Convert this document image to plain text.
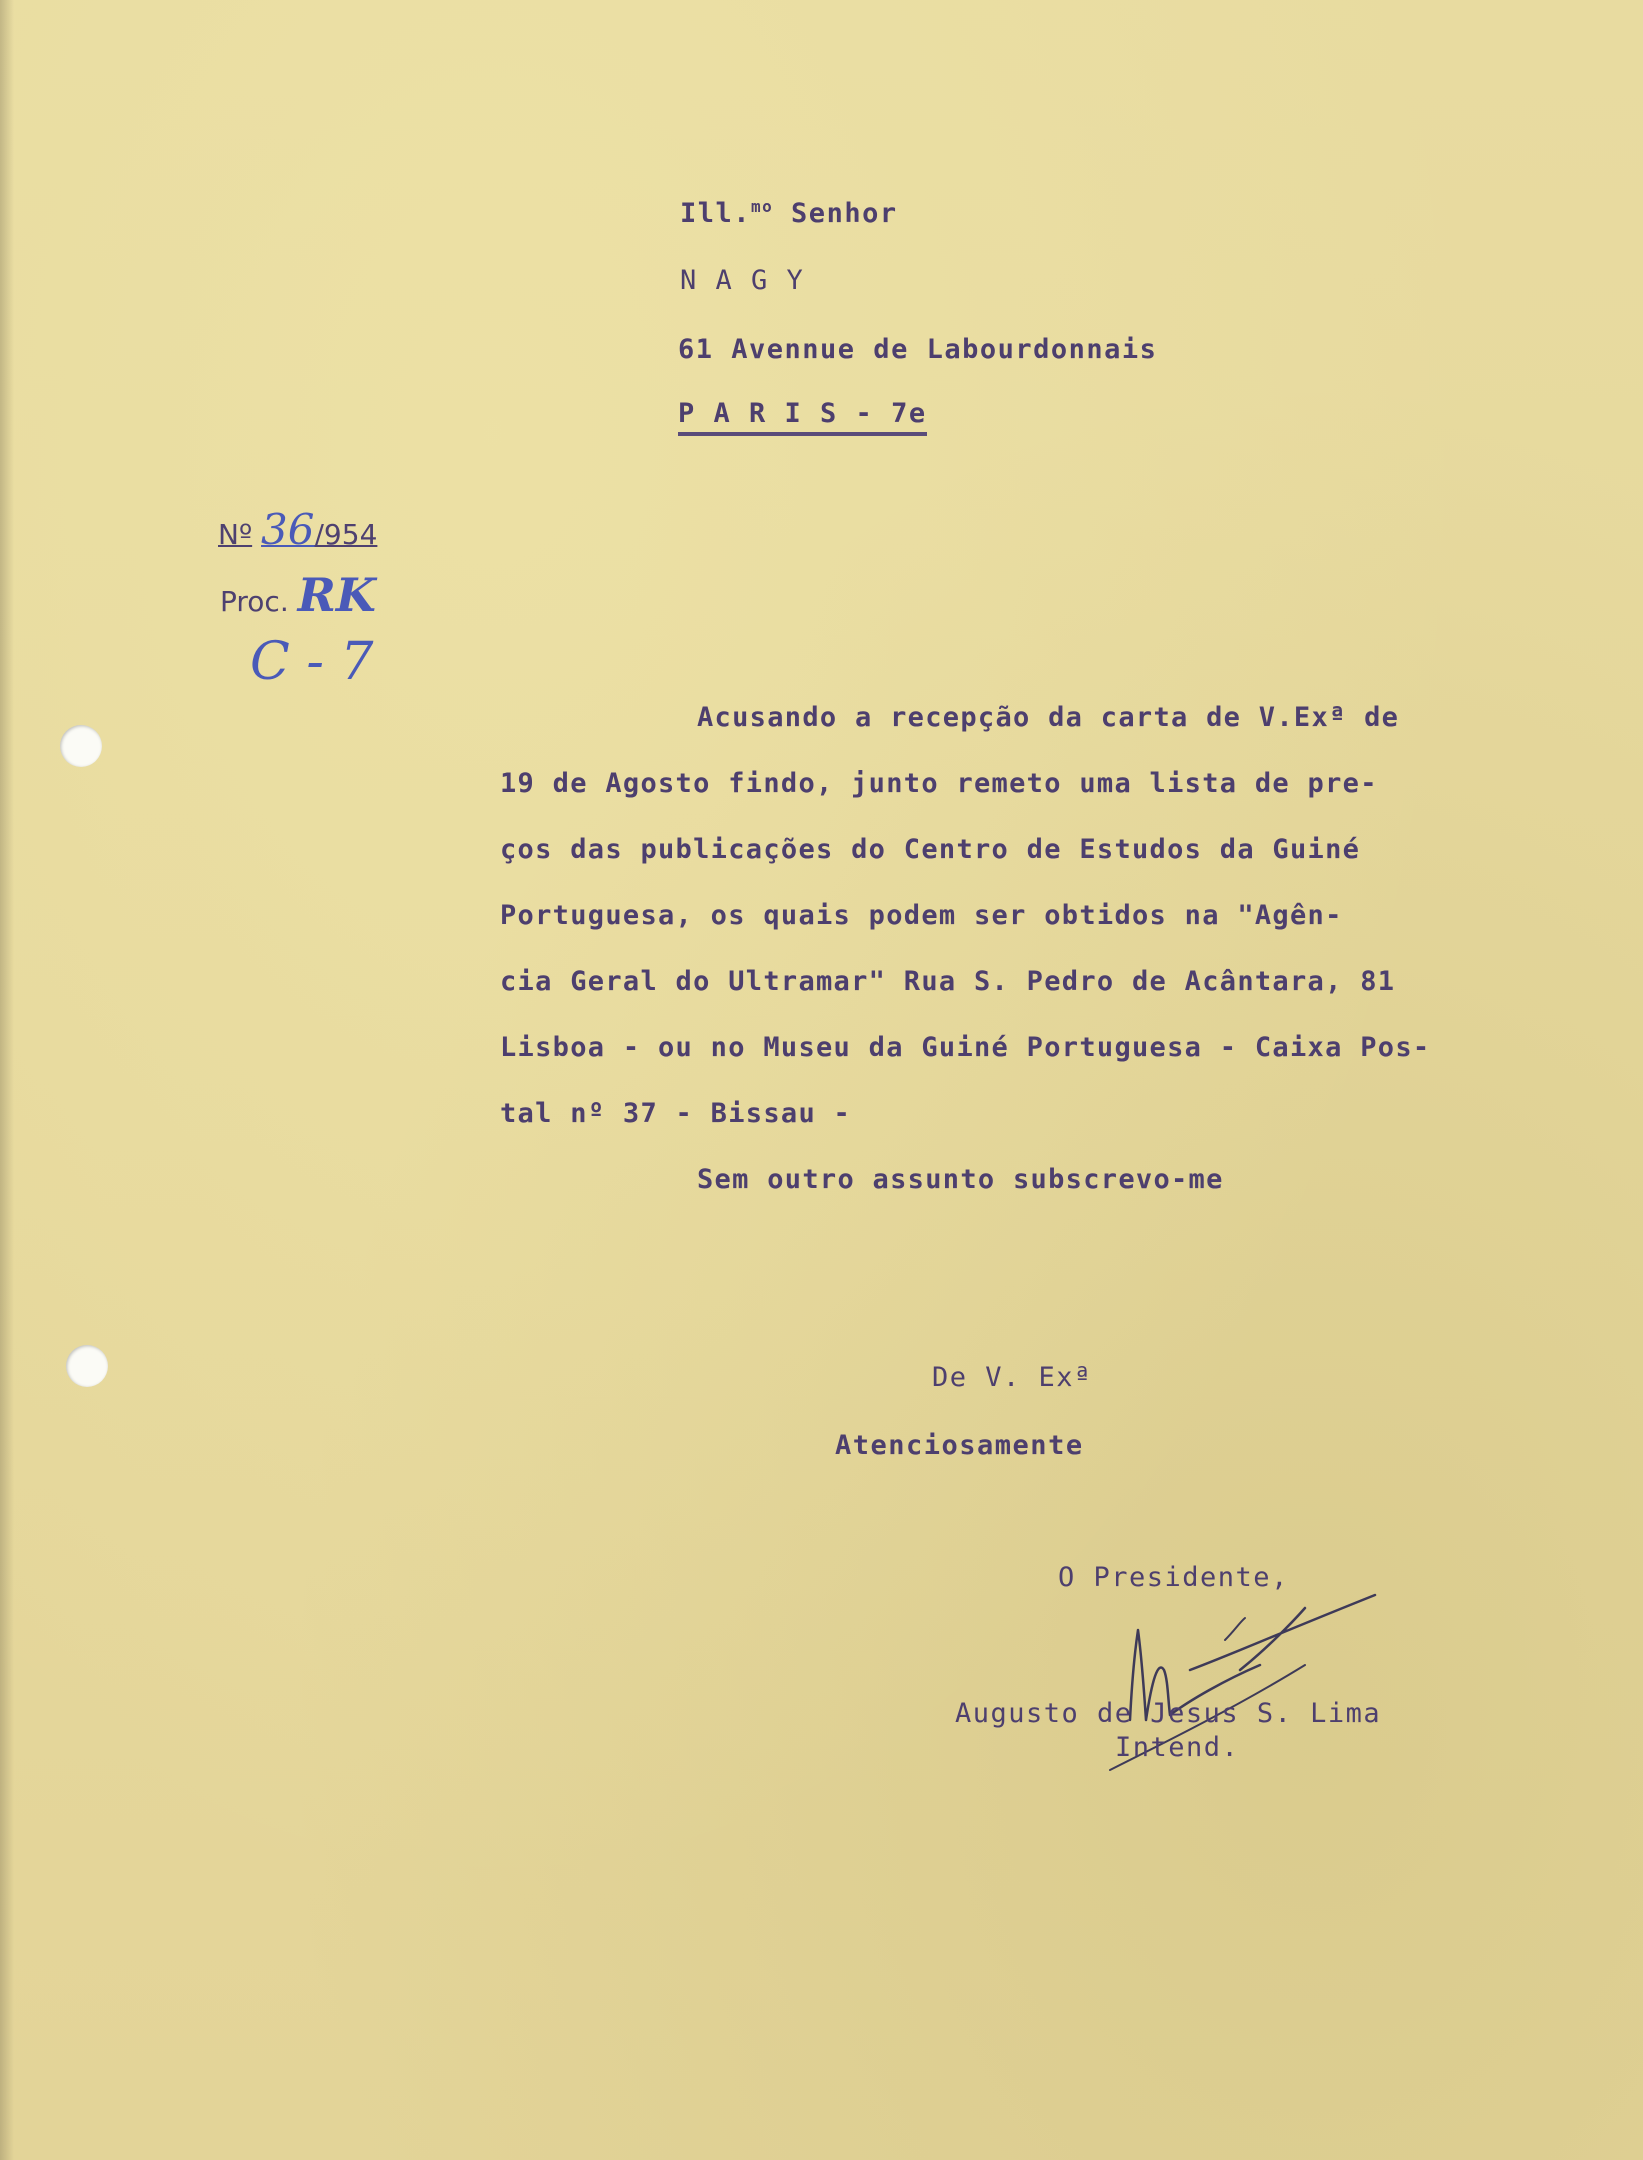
Ill.$^{mo}$ Senhor
N A G Y
61 Avennue de Labourdonnais
P A R I S - 7e
Nº 36/954
Proc. RK
C - 7
Acusando a recepção da carta de V.Exª de
19 de Agosto findo, junto remeto uma lista de pre-
ços das publicações do Centro de Estudos da Guiné
Portuguesa, os quais podem ser obtidos na "Agên-
cia Geral do Ultramar" Rua S. Pedro de Acântara, 81
Lisboa - ou no Museu da Guiné Portuguesa - Caixa Pos-
tal nº 37 - Bissau -
Sem outro assunto subscrevo-me
De V. Exª
Atenciosamente
O Presidente,
Augusto de Jesus S. Lima
Intend.
